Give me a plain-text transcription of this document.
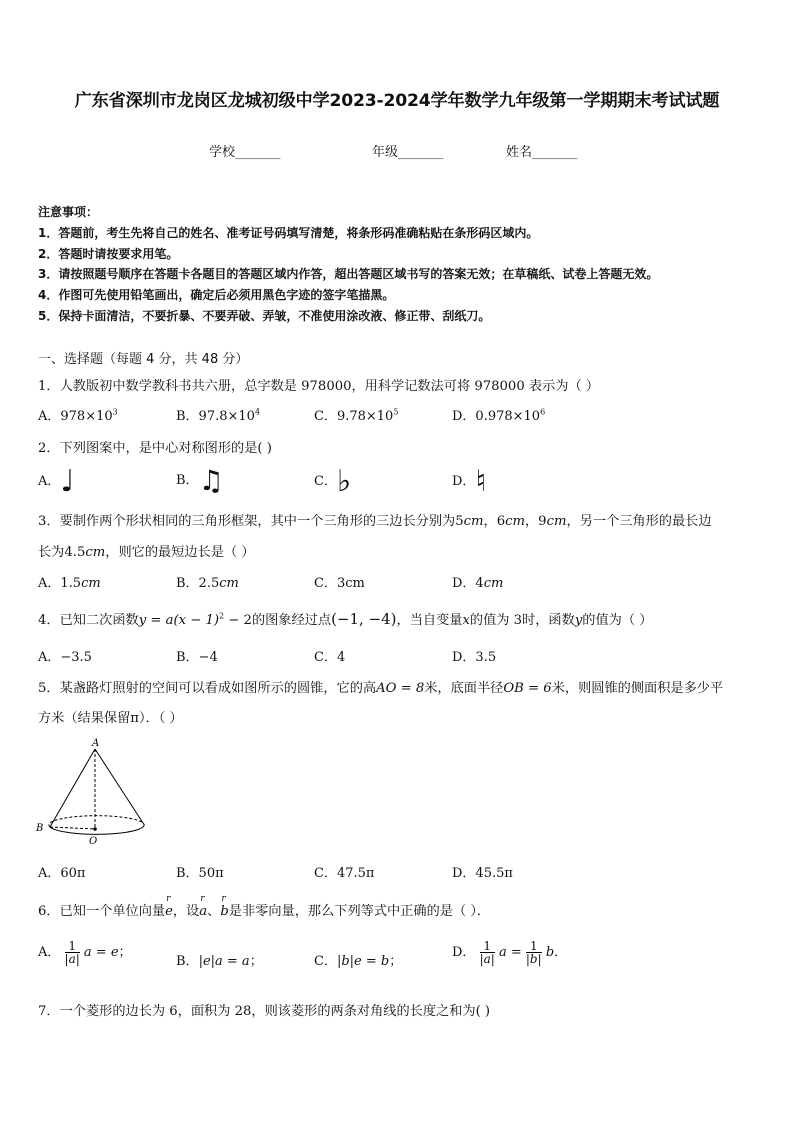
广东省深圳市龙岗区龙城初级中学2023-2024学年数学九年级第一学期期末考试试题
学校_______	年级_______	姓名_______
注意事项：
1．答题前，考生先将自己的姓名、准考证号码填写清楚，将条形码准确粘贴在条形码区域内。
2．答题时请按要求用笔。
3．请按照题号顺序在答题卡各题目的答题区域内作答，超出答题区域书写的答案无效；在草稿纸、试卷上答题无效。
4．作图可先使用铅笔画出，确定后必须用黑色字迹的签字笔描黑。
5．保持卡面清洁，不要折暴、不要弄破、弄皱，不准使用涂改液、修正带、刮纸刀。
一、选择题（每题 4 分，共 48 分）
1．人教版初中数学教科书共六册，总字数是 978000，用科学记数法可将 978000 表示为（ ）
A．$978\times 10^3$	B．$97.8\times 10^4$	C．$9.78\times 10^5$	D．$0.978\times 10^6$
2．下列图案中，是中心对称图形的是( )
A．♩	B．♫	C．♭	D．♮
3．要制作两个形状相同的三角形框架，其中一个三角形的三边长分别为5cm，6cm，9cm，另一个三角形的最长边
长为4.5cm，则它的最短边长是（ ）
A．1.5cm	B．2.5cm	C．3cm	D．4cm
4．已知二次函数$y = a(x - 1)^2 - 2$的图象经过点(−1, −4)，当自变量x的值为 3时，函数y的值为（ ）
A．−3.5	B．−4	C．4	D．3.5
5．某盏路灯照射的空间可以看成如图所示的圆锥，它的高AO = 8米，底面半径OB = 6米，则圆锥的侧面积是多少平
方米（结果保留π）．（ ）
A
B
O
A．60π	B．50π	C．47.5π	D．45.5π
6．已知一个单位向量r e，设r a、r b是非零向量，那么下列等式中正确的是（ ）．
A． $\frac{1}{|a|}$ a = e；
B．|e|a = a；	C．|b|e = b；
D． $\frac{1}{|a|}$ $a = \frac{1}{|b|}$ b．
7．一个菱形的边长为 6，面积为 28，则该菱形的两条对角线的长度之和为( )
